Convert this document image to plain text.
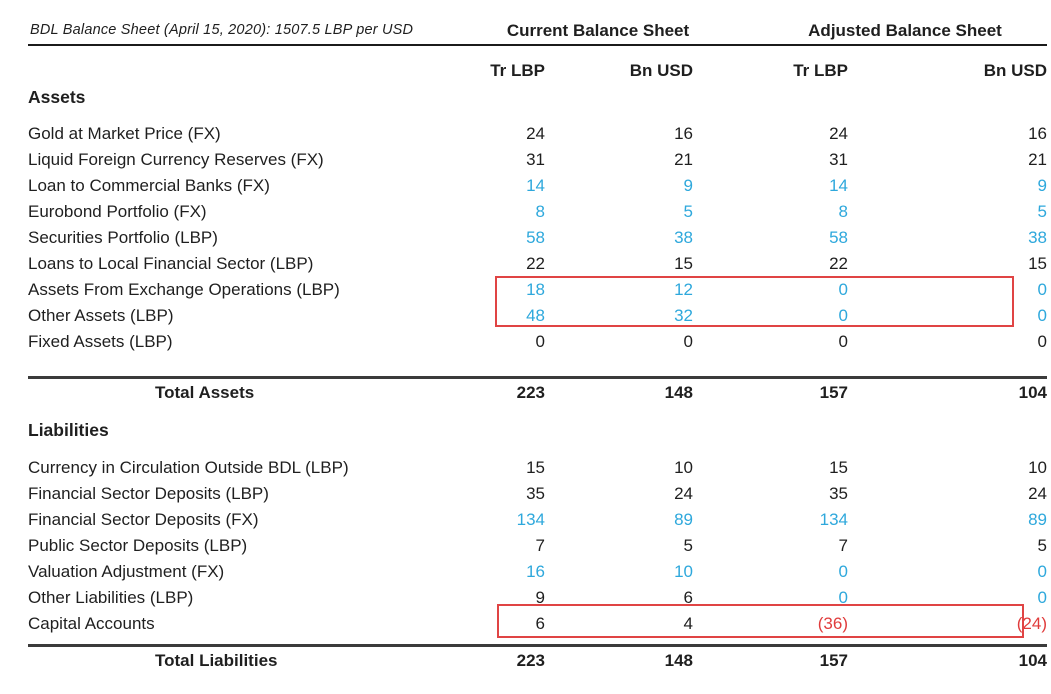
BDL Balance Sheet (April 15, 2020): 1507.5 LBP per USD	Current Balance Sheet	Adjusted Balance Sheet
	Tr LBP	Bn USD	Tr LBP	Bn USD
Assets				

Gold at Market Price (FX)	24	16	24	16
Liquid Foreign Currency Reserves (FX)	31	21	31	21
Loan to Commercial Banks (FX)	14	9	14	9
Eurobond Portfolio (FX)	8	5	8	5
Securities Portfolio (LBP)	58	38	58	38
Loans to Local Financial Sector (LBP)	22	15	22	15
Assets From Exchange Operations (LBP)	18	12	0	0
Other Assets (LBP)	48	32	0	0
Fixed Assets (LBP)	0	0	0	0

Total Assets	223	148	157	104

Liabilities				

Currency in Circulation Outside BDL (LBP)	15	10	15	10
Financial Sector Deposits (LBP)	35	24	35	24
Financial Sector Deposits (FX)	134	89	134	89
Public Sector Deposits (LBP)	7	5	7	5
Valuation Adjustment (FX)	16	10	0	0
Other Liabilities (LBP)	9	6	0	0
Capital Accounts	6	4	(36)	(24)

Total Liabilities	223	148	157	104
